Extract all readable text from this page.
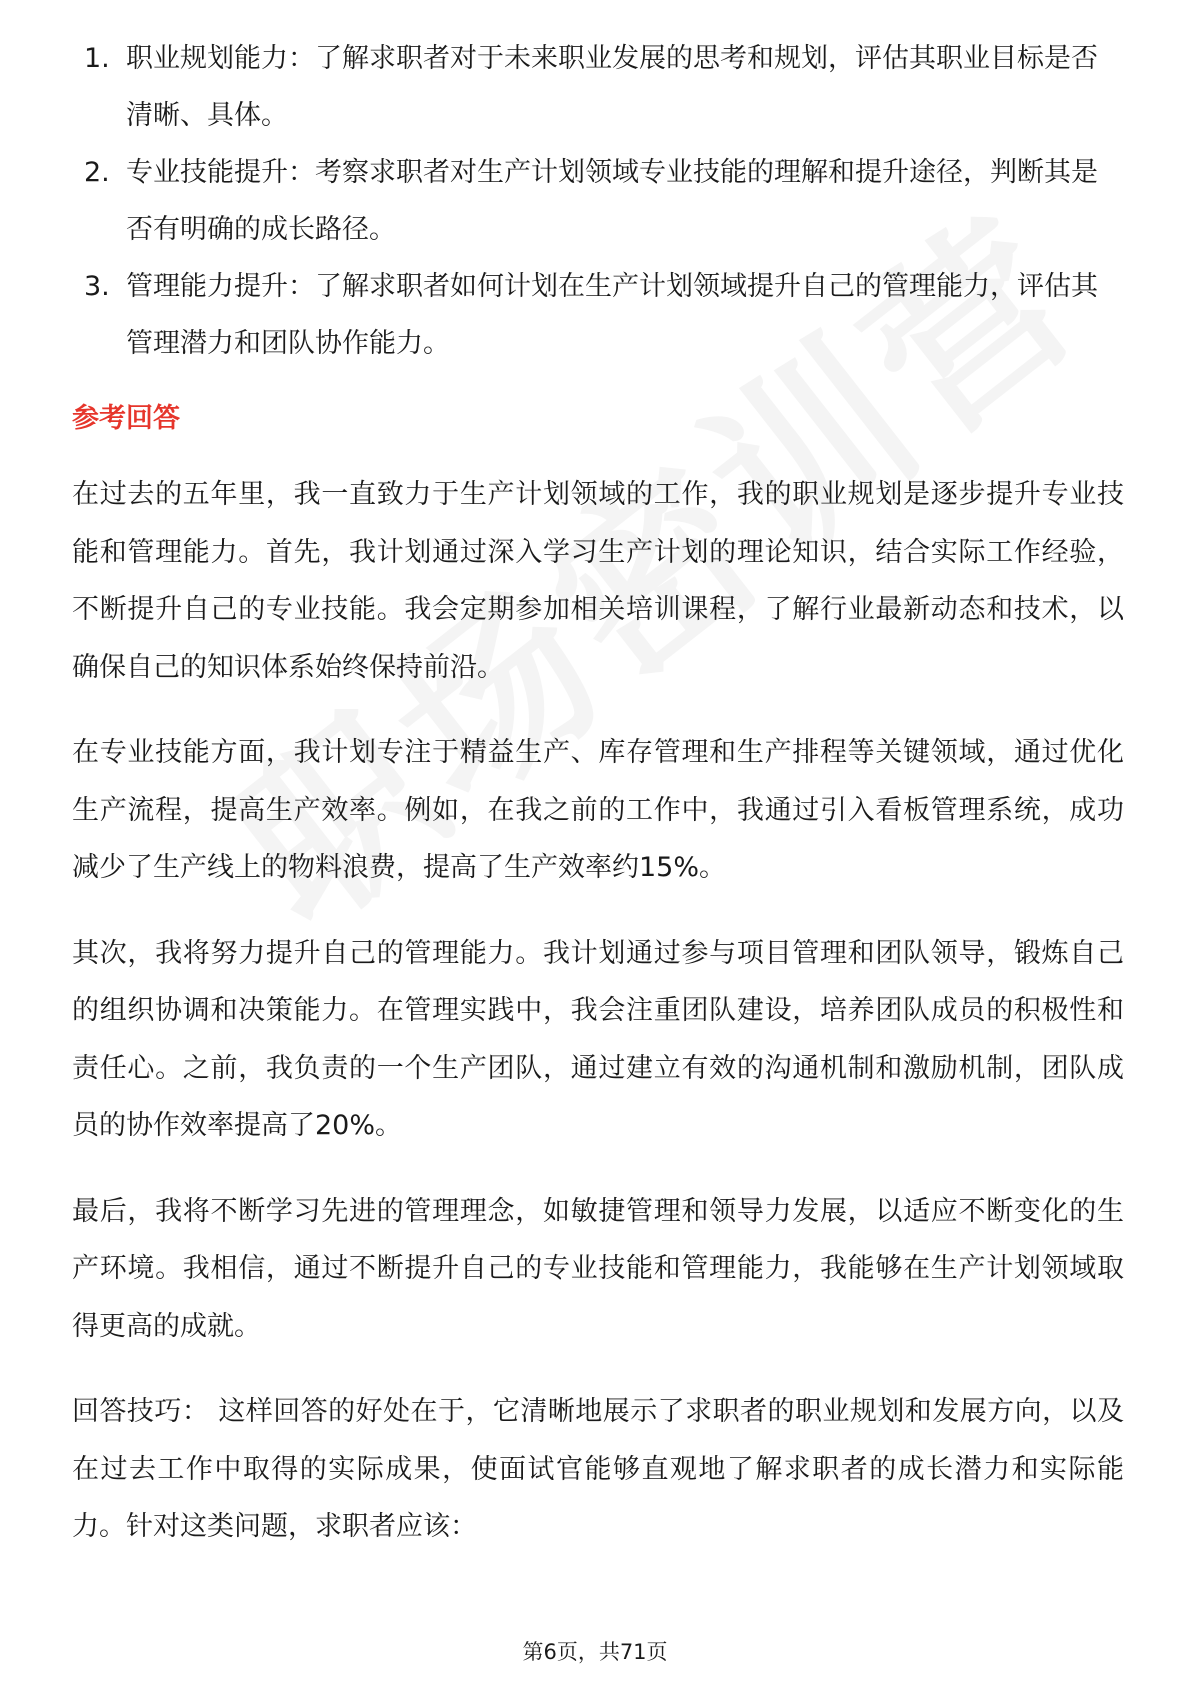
1. 职业规划能力：了解求职者对于未来职业发展的思考和规划，评估其职业目标是否清晰、具体。
2. 专业技能提升：考察求职者对生产计划领域专业技能的理解和提升途径，判断其是否有明确的成长路径。
3. 管理能力提升：了解求职者如何计划在生产计划领域提升自己的管理能力，评估其管理潜力和团队协作能力。
参考回答

在过去的五年里，我一直致力于生产计划领域的工作，我的职业规划是逐步提升专业技能和管理能力。首先，我计划通过深入学习生产计划的理论知识，结合实际工作经验，不断提升自己的专业技能。我会定期参加相关培训课程，了解行业最新动态和技术，以确保自己的知识体系始终保持前沿。

在专业技能方面，我计划专注于精益生产、库存管理和生产排程等关键领域，通过优化生产流程，提高生产效率。例如，在我之前的工作中，我通过引入看板管理系统，成功减少了生产线上的物料浪费，提高了生产效率约15%。

其次，我将努力提升自己的管理能力。我计划通过参与项目管理和团队领导，锻炼自己的组织协调和决策能力。在管理实践中，我会注重团队建设，培养团队成员的积极性和责任心。之前，我负责的一个生产团队，通过建立有效的沟通机制和激励机制，团队成员的协作效率提高了20%。

最后，我将不断学习先进的管理理念，如敏捷管理和领导力发展，以适应不断变化的生产环境。我相信，通过不断提升自己的专业技能和管理能力，我能够在生产计划领域取得更高的成就。

回答技巧： 这样回答的好处在于，它清晰地展示了求职者的职业规划和发展方向，以及在过去工作中取得的实际成果，使面试官能够直观地了解求职者的成长潜力和实际能力。针对这类问题，求职者应该：

第6页，共71页
